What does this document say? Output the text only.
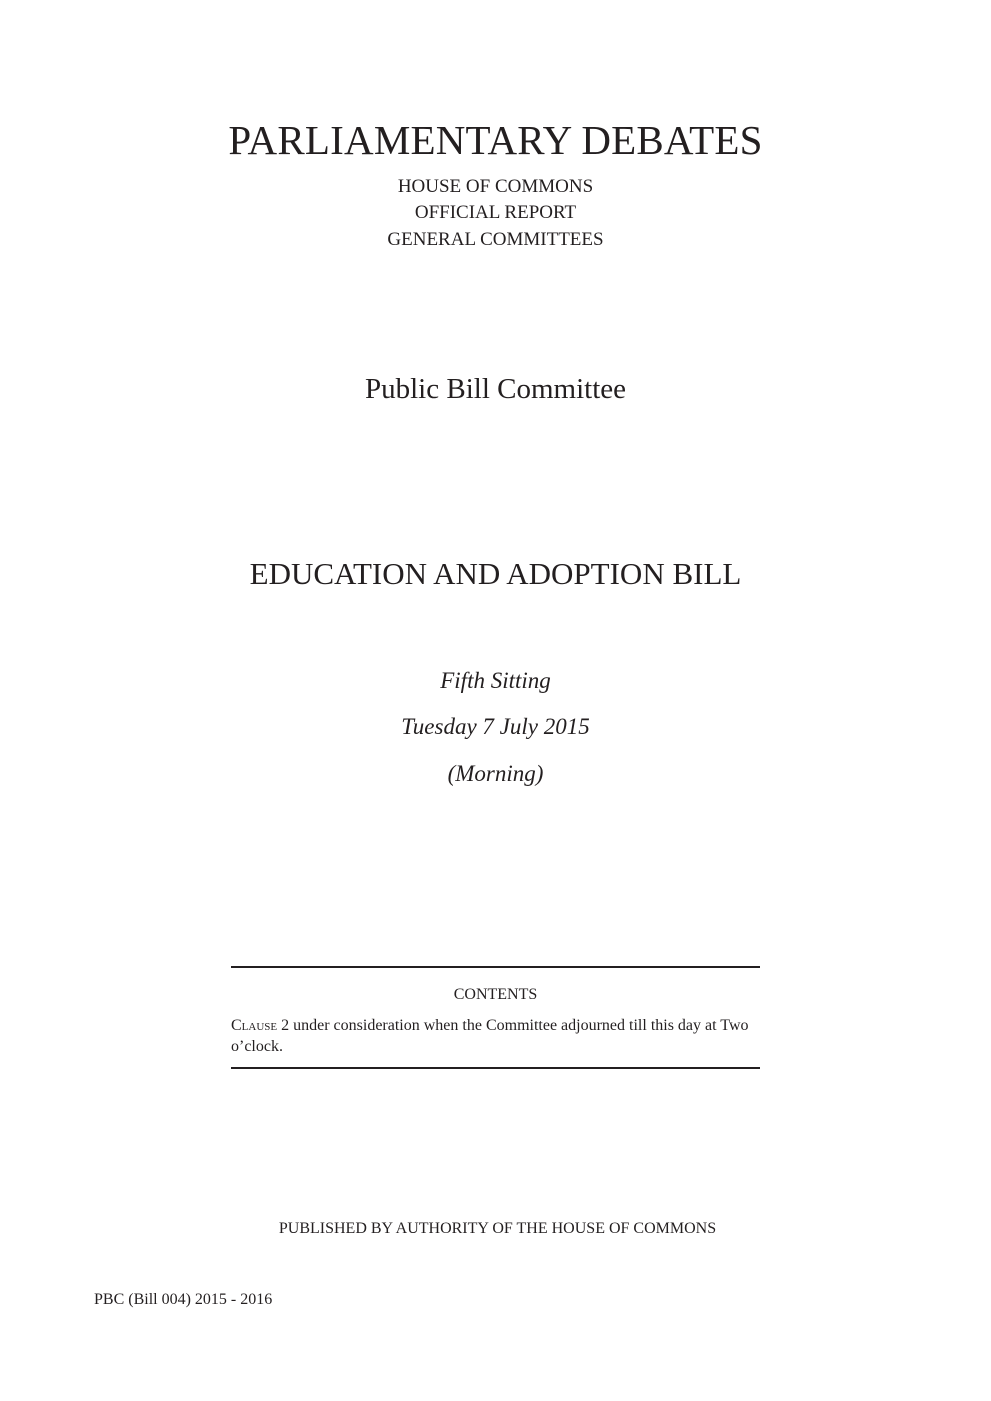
PARLIAMENTARY DEBATES
HOUSE OF COMMONS
OFFICIAL REPORT
GENERAL COMMITTEES
Public Bill Committee
EDUCATION AND ADOPTION BILL
Fifth Sitting
Tuesday 7 July 2015
(Morning)
CONTENTS
Clause 2 under consideration when the Committee adjourned till this day at Two o’clock.
PUBLISHED BY AUTHORITY OF THE HOUSE OF COMMONS
PBC (Bill 004) 2015 - 2016
